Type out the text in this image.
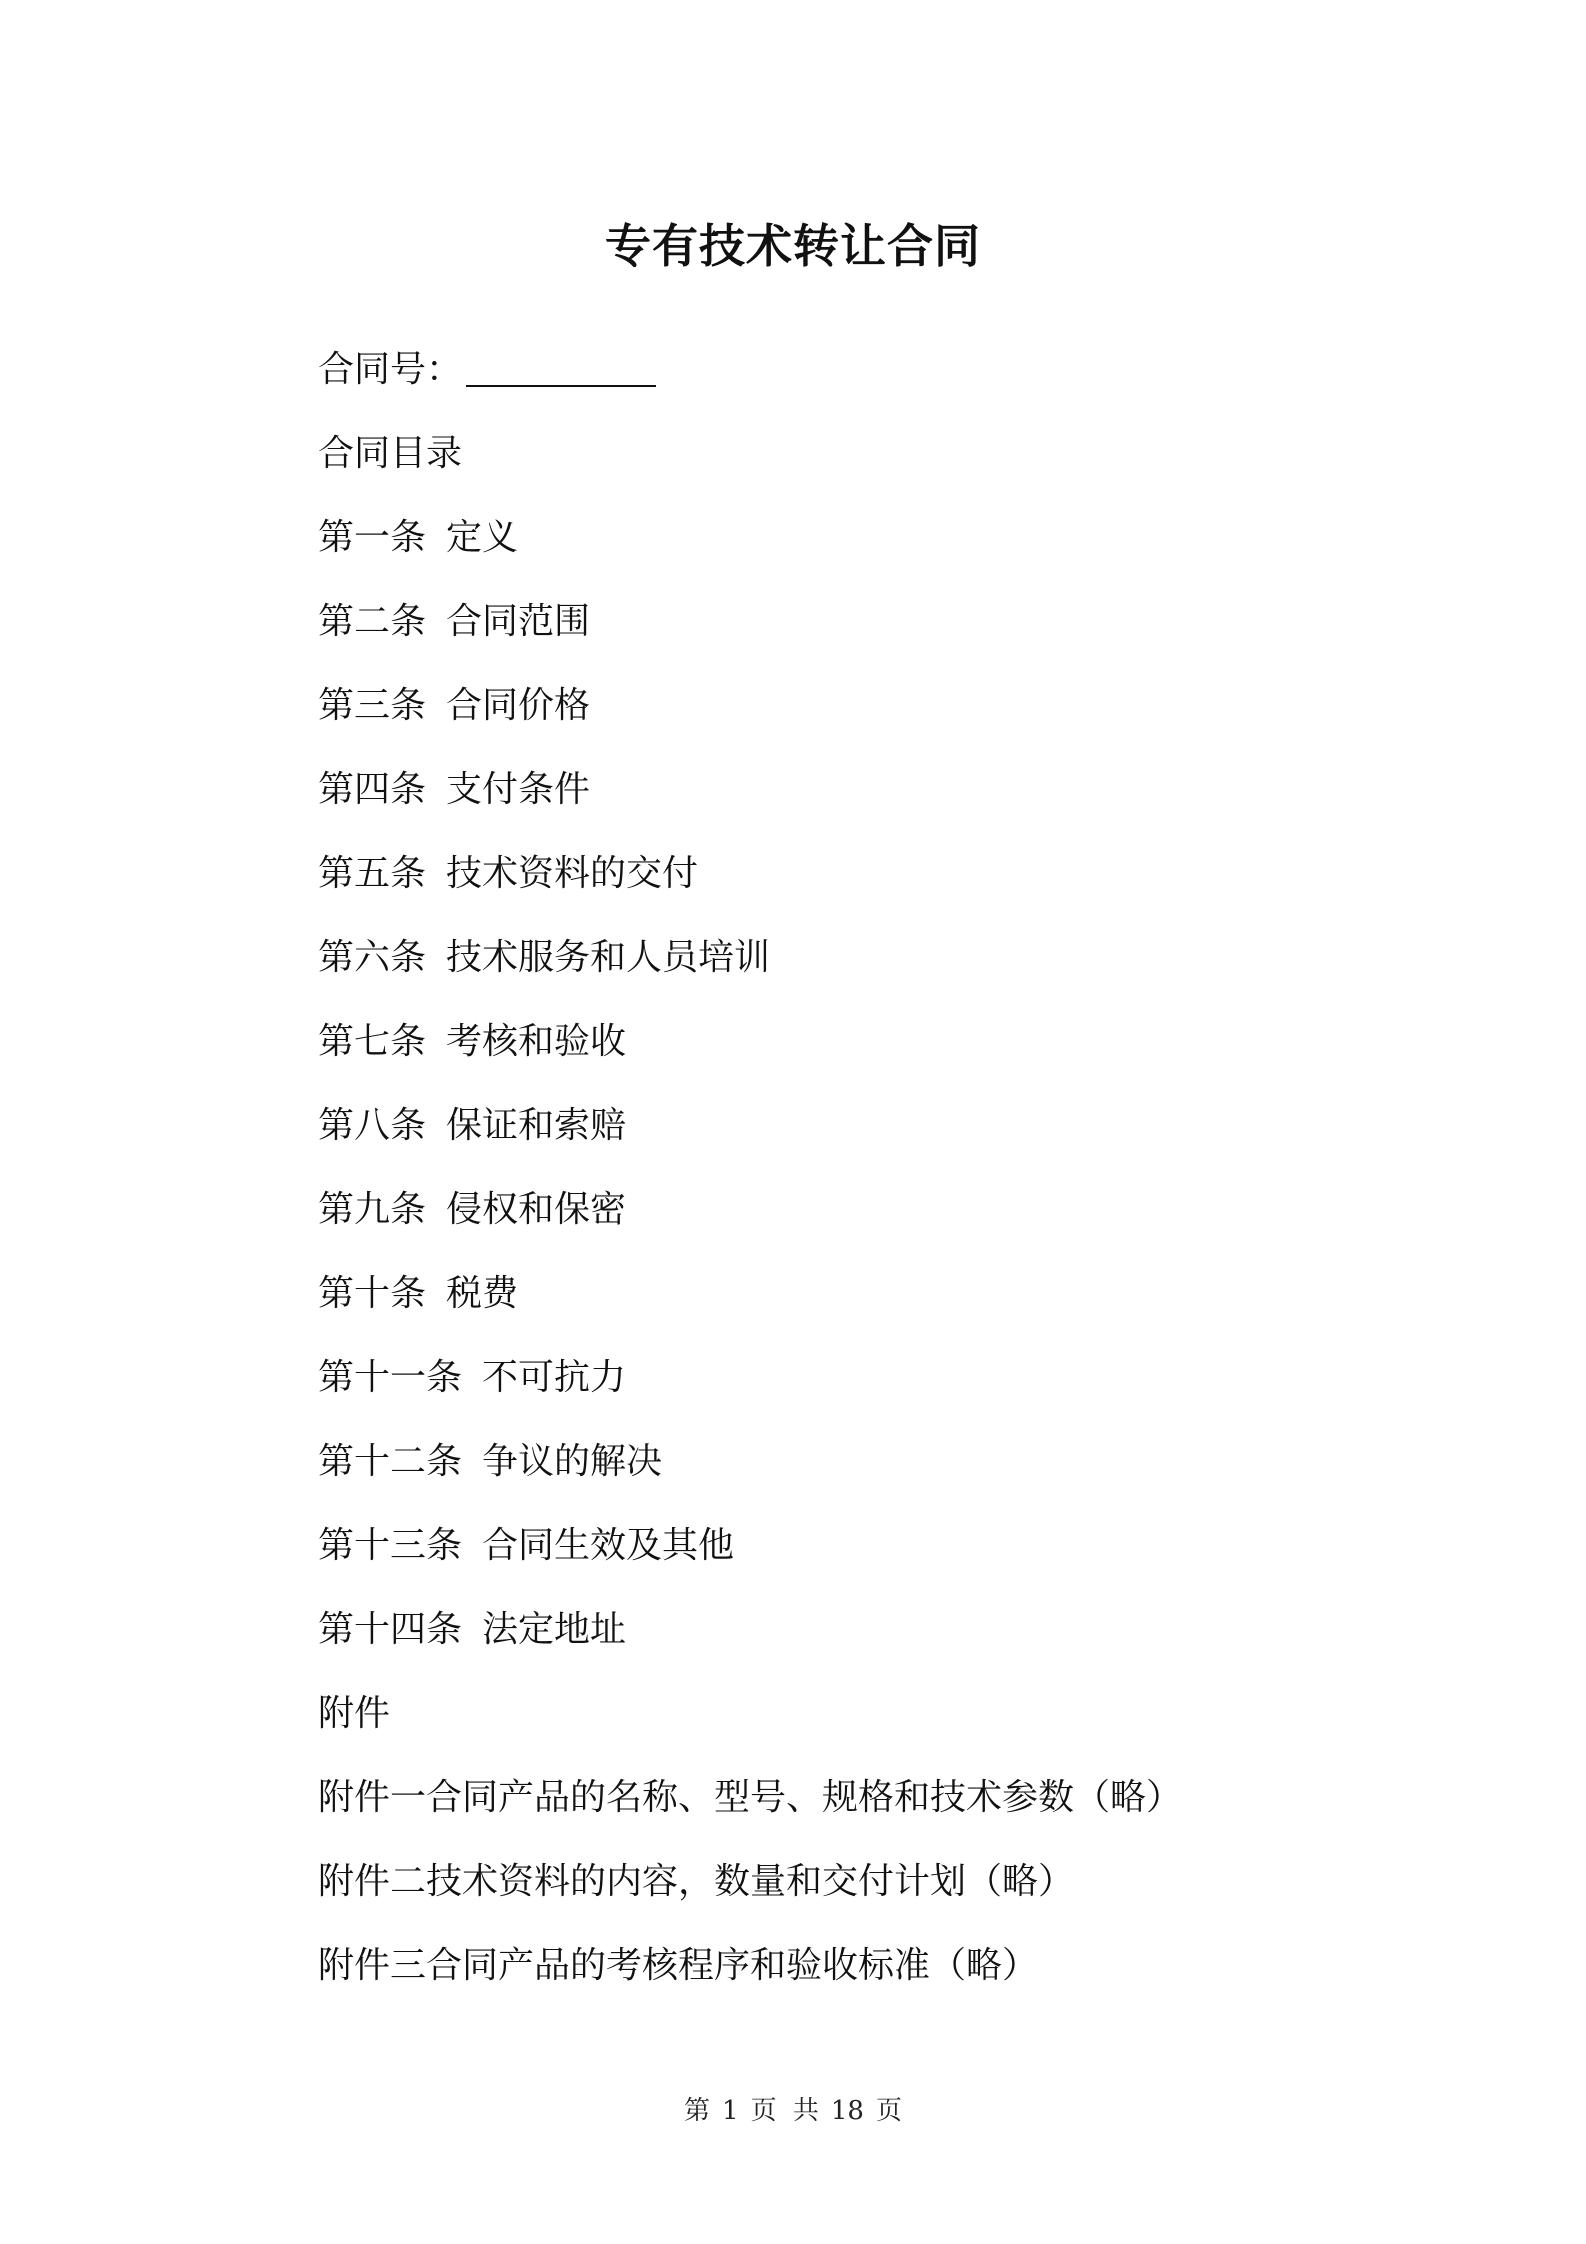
专有技术转让合同
合同号：
合同目录
第一条 定义
第二条 合同范围
第三条 合同价格
第四条 支付条件
第五条 技术资料的交付
第六条 技术服务和人员培训
第七条 考核和验收
第八条 保证和索赔
第九条 侵权和保密
第十条 税费
第十一条 不可抗力
第十二条 争议的解决
第十三条 合同生效及其他
第十四条 法定地址
附件
附件一合同产品的名称、型号、规格和技术参数（略）
附件二技术资料的内容，数量和交付计划（略）
附件三合同产品的考核程序和验收标准（略）
第 1 页 共 18 页
